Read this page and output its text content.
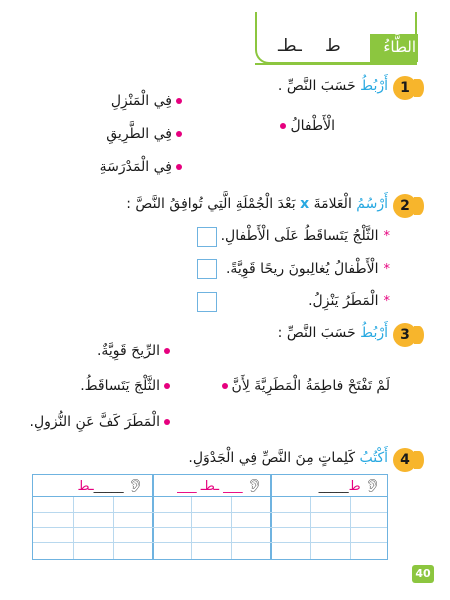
الطَّاءُ
ط
ـطـ
1
أَرْبُطُ حَسَبَ النَّصِّ .
الْأَطْفالُ
فِي الْمَنْزِلِ
فِي الطَّرِيقِ
فِي الْمَدْرَسَةِ
2
أَرْسُمُ الْعَلامَةَ x بَعْدَ الْجُمْلَةِ الَّتِي تُوافِقُ النَّصَّ :
*الثَّلْجُ يَتَساقَطُ عَلَى الْأَطْفالِ.
*الْأَطْفالُ يُغالِبونَ ريحًا قَوِيَّةً.
*الْمَطَرُ يَنْزِلُ.
3
أَرْبُطُ حَسَبَ النَّصِّ :
لَمْ تَفْتَحْ فاطِمَةُ الْمَطَرِيَّةَ لِأَنَّ
الرِّيحَ قَوِيَّةٌ.
الثَّلْجَ يَتَساقَطُ.
الْمَطَرَ كَفَّ عَنِ النُّزولِ.
4
أَكْتُبُ كَلِماتٍ مِنَ النَّصِّ فِي الْجَدْوَلِ.
👂︎ ط_____
👂︎ ___ ـطـ ___
👂︎ _____ـط
40
